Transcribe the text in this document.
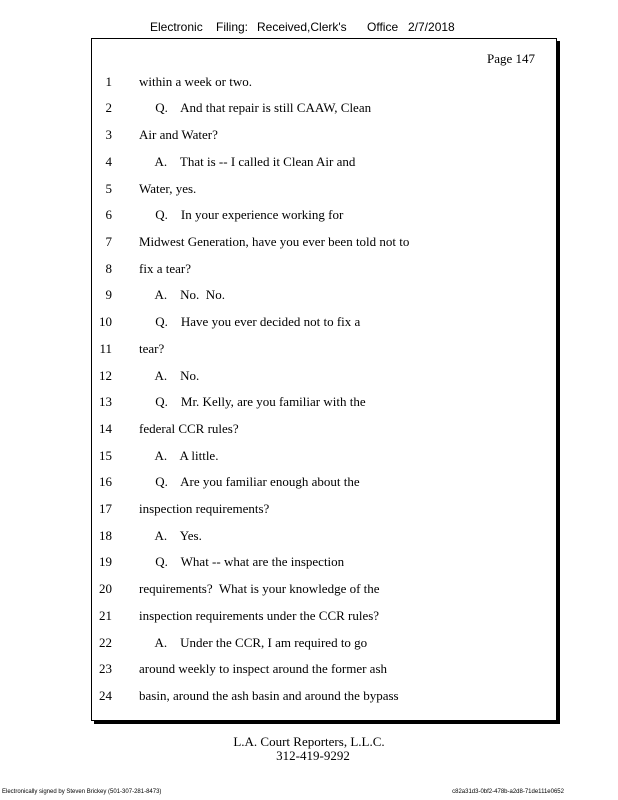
Electronic Filing: Received,Clerk's Office 2/7/2018
Page 147
1 within a week or two.
2 Q.    And that repair is still CAAW, Clean
3 Air and Water?
4 A.    That is -- I called it Clean Air and
5 Water, yes.
6 Q.    In your experience working for
7 Midwest Generation, have you ever been told not to
8 fix a tear?
9 A.    No.  No.
10 Q.    Have you ever decided not to fix a
11 tear?
12 A.    No.
13 Q.    Mr. Kelly, are you familiar with the
14 federal CCR rules?
15 A.    A little.
16 Q.    Are you familiar enough about the
17 inspection requirements?
18 A.    Yes.
19 Q.    What -- what are the inspection
20 requirements?  What is your knowledge of the
21 inspection requirements under the CCR rules?
22 A.    Under the CCR, I am required to go
23 around weekly to inspect around the former ash
24 basin, around the ash basin and around the bypass
L.A. Court Reporters, L.L.C.
312-419-9292
Electronically signed by Steven Brickey (501-307-281-8473)	c82a31d3-0bf2-478b-a2d8-71de111e0652
